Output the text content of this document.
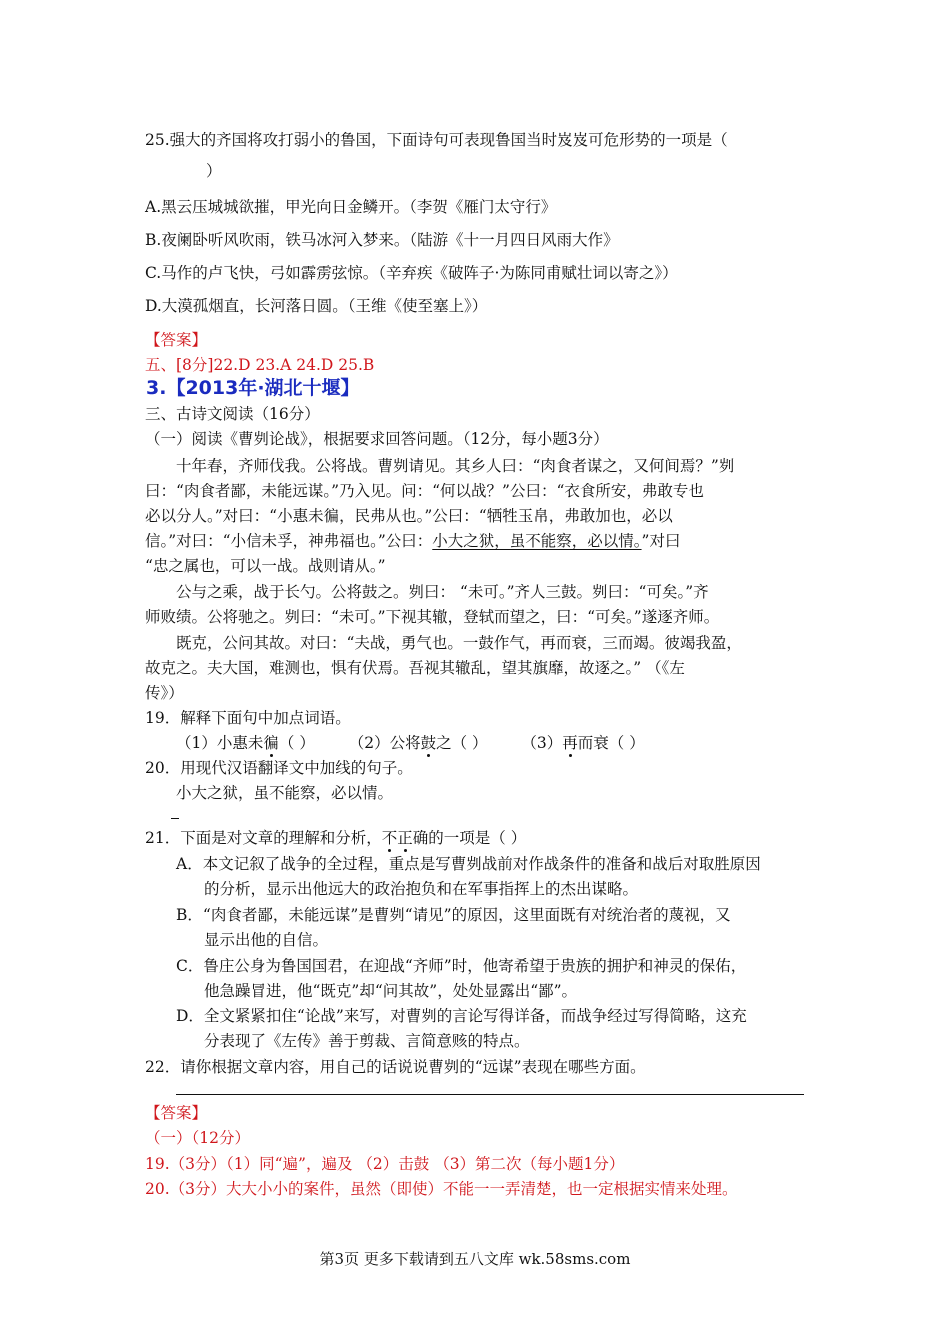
25.强大的齐国将攻打弱小的鲁国，下面诗句可表现鲁国当时岌岌可危形势的一项是（
）
A.黑云压城城欲摧，甲光向日金鳞开。（李贺《雁门太守行》
B.夜阑卧听风吹雨，铁马冰河入梦来。（陆游《十一月四日风雨大作》
C.马作的卢飞快，弓如霹雳弦惊。（辛弃疾《破阵子·为陈同甫赋壮词以寄之》）
D.大漠孤烟直，长河落日圆。（王维《使至塞上》）
【答案】
五、[8分]22.D 23.A 24.D 25.B
3.【2013年·湖北十堰】
三、古诗文阅读（16分）
（一）阅读《曹刿论战》，根据要求回答问题。（12分，每小题3分）
十年春，齐师伐我。公将战。曹刿请见。其乡人曰：“肉食者谋之，又何间焉？”刿
曰：“肉食者鄙，未能远谋。”乃入见。问：“何以战？”公曰：“衣食所安，弗敢专也
必以分人。”对曰：“小惠未徧，民弗从也。”公曰：“牺牲玉帛，弗敢加也，必以
信。”对曰：“小信未孚，神弗福也。”公曰：小大之狱，虽不能察，必以情。”对曰
“忠之属也，可以一战。战则请从。”
公与之乘，战于长勺。公将鼓之。刿曰： “未可。”齐人三鼓。刿曰：“可矣。”齐
师败绩。公将驰之。刿曰：“未可。”下视其辙，登轼而望之，曰：“可矣。”遂逐齐师。
既克，公问其故。对曰：“夫战，勇气也。一鼓作气，再而衰，三而竭。彼竭我盈，
故克之。夫大国，难测也，惧有伏焉。吾视其辙乱，望其旗靡，故逐之。” （《左
传》）
19．解释下面句中加点词语。
（1）小惠未徧（ ） （2）公将鼓之（ ） （3）再而衰（ ）
20．用现代汉语翻译文中加线的句子。
小大之狱，虽不能察，必以情。
21．下面是对文章的理解和分析，不正确的一项是（ ）
A．本文记叙了战争的全过程，重点是写曹刿战前对作战条件的准备和战后对取胜原因
的分析，显示出他远大的政治抱负和在军事指挥上的杰出谋略。
B．“肉食者鄙，未能远谋”是曹刿“请见”的原因，这里面既有对统治者的蔑视，又
显示出他的自信。
C．鲁庄公身为鲁国国君，在迎战“齐师”时，他寄希望于贵族的拥护和神灵的保佑，
他急躁冒进，他“既克”却“问其故”，处处显露出“鄙”。
D．全文紧紧扣住“论战”来写，对曹刿的言论写得详备，而战争经过写得简略，这充
分表现了《左传》善于剪裁、言简意赅的特点。
22．请你根据文章内容，用自己的话说说曹刿的“远谋”表现在哪些方面。
【答案】
（一）（12分）
19.（3分）（1）同“遍”，遍及 （2）击鼓 （3）第二次（每小题1分）
20.（3分）大大小小的案件，虽然（即使）不能一一弄清楚，也一定根据实情来处理。
第3页 更多下载请到五八文库 wk.58sms.com
